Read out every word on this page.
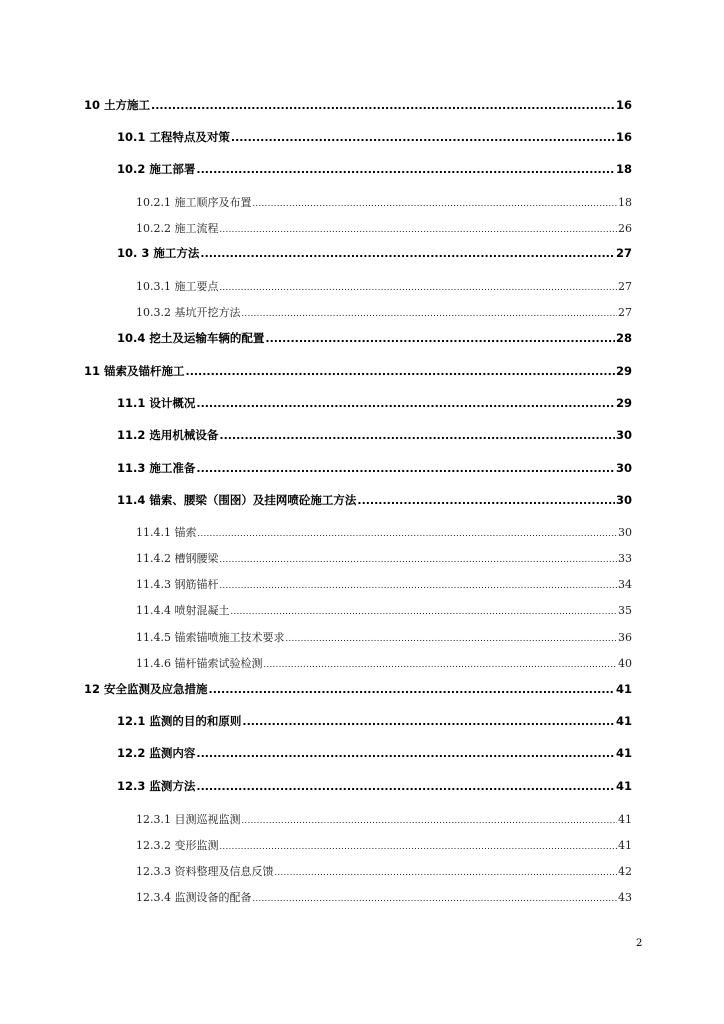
10 土方施工 .....	16
10.1 工程特点及对策 .....	16
10.2 施工部署 .....	18
10.2.1 施工顺序及布置 .....	18
10.2.2 施工流程 .....	26
10. 3 施工方法 .....	27
10.3.1 施工要点 .....	27
10.3.2 基坑开挖方法 .....	27
10.4 挖土及运输车辆的配置 .....	28
11 锚索及锚杆施工 .....	29
11.1 设计概况 .....	29
11.2 选用机械设备 .....	30
11.3 施工准备 .....	30
11.4 锚索、腰梁（围囹）及挂网喷砼施工方法 .....	30
11.4.1 锚索 .....	30
11.4.2 槽钢腰梁 .....	33
11.4.3 钢筋锚杆 .....	34
11.4.4 喷射混凝土 .....	35
11.4.5 锚索锚喷施工技术要求 .....	36
11.4.6 锚杆锚索试验检测 .....	40
12 安全监测及应急措施 .....	41
12.1 监测的目的和原则 .....	41
12.2 监测内容 .....	41
12.3 监测方法 .....	41
12.3.1 目测巡视监测 .....	41
12.3.2 变形监测 .....	41
12.3.3 资料整理及信息反馈 .....	42
12.3.4 监测设备的配备 .....	43
2
